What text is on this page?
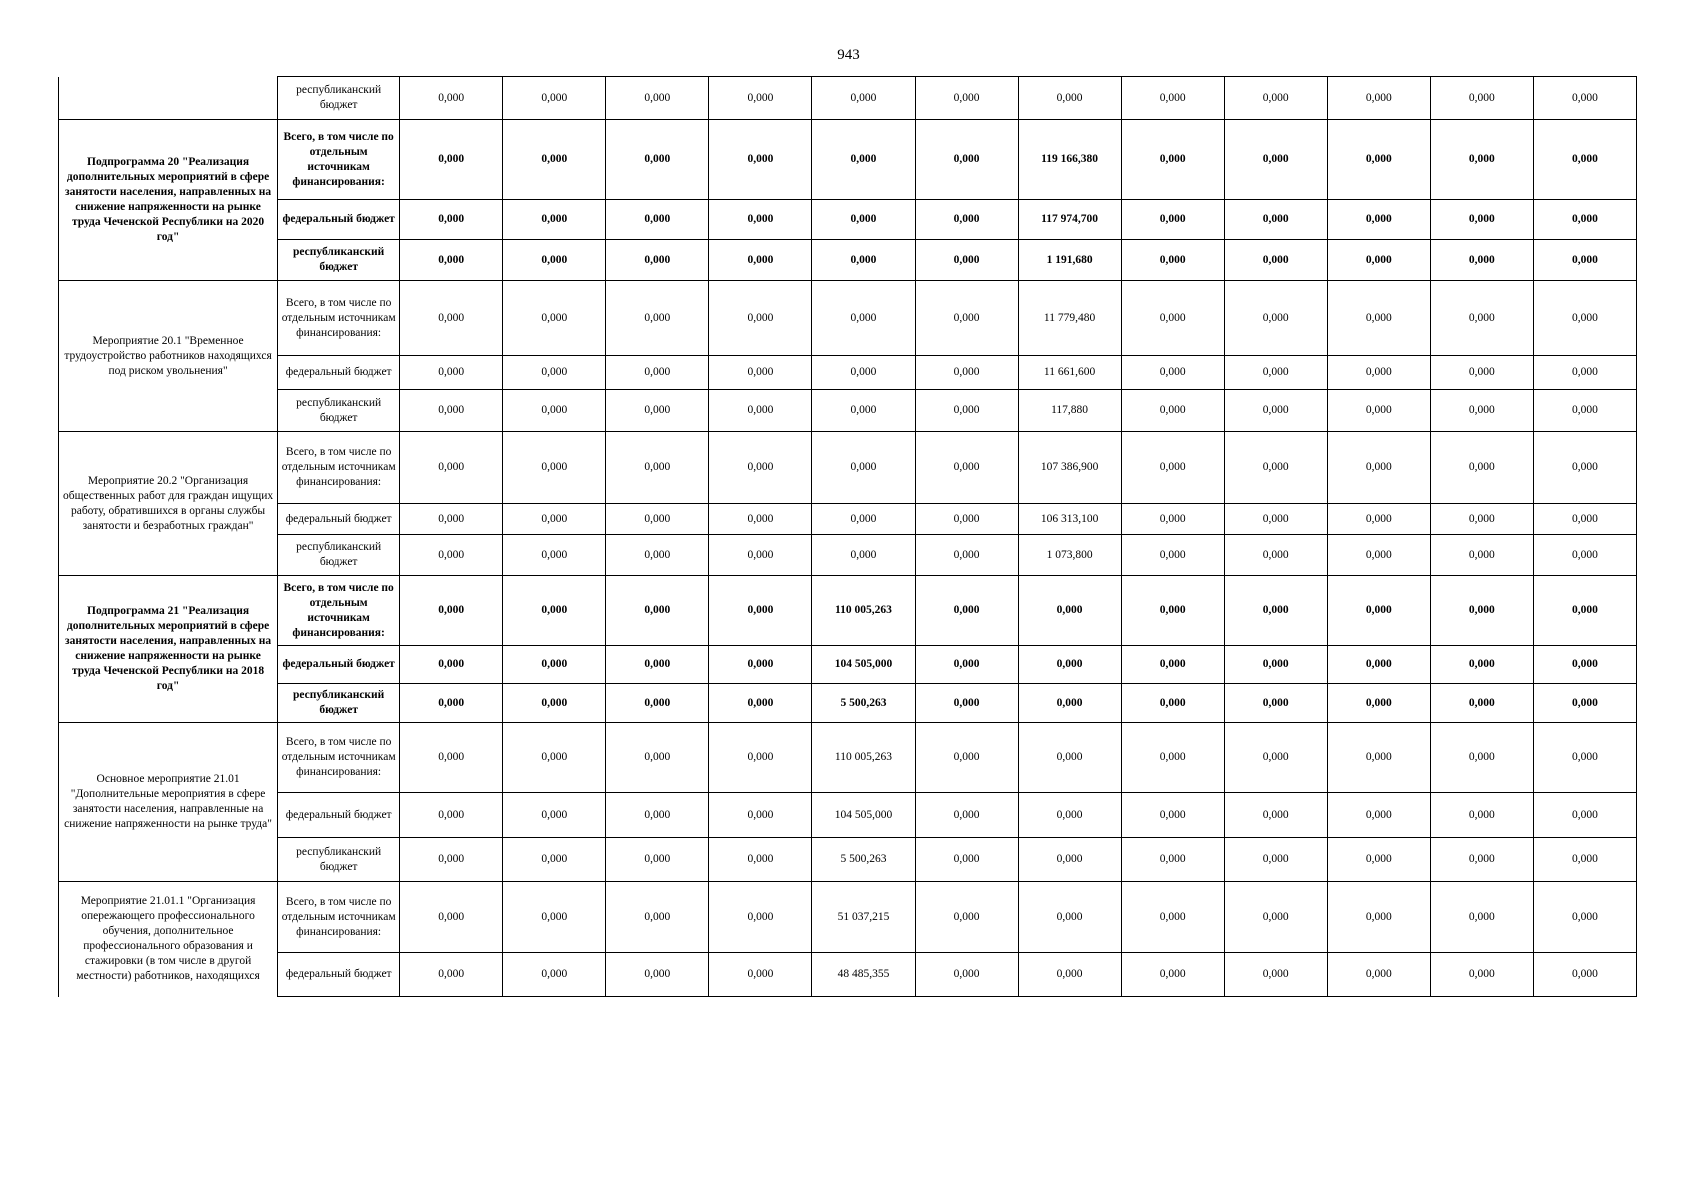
943
	республиканский бюджет	0,000	0,000	0,000	0,000	0,000	0,000	0,000	0,000	0,000	0,000	0,000	0,000
Подпрограмма 20 "Реализация дополнительных мероприятий в сфере занятости населения, направленных на снижение напряженности на рынке труда Чеченской Республики на 2020 год"	Всего, в том числе по отдельным источникам финансирования:	0,000	0,000	0,000	0,000	0,000	0,000	119 166,380	0,000	0,000	0,000	0,000	0,000
	федеральный бюджет	0,000	0,000	0,000	0,000	0,000	0,000	117 974,700	0,000	0,000	0,000	0,000	0,000
	республиканский бюджет	0,000	0,000	0,000	0,000	0,000	0,000	1 191,680	0,000	0,000	0,000	0,000	0,000
Мероприятие 20.1 "Временное трудоустройство работников находящихся под риском увольнения"	Всего, в том числе по отдельным источникам финансирования:	0,000	0,000	0,000	0,000	0,000	0,000	11 779,480	0,000	0,000	0,000	0,000	0,000
	федеральный бюджет	0,000	0,000	0,000	0,000	0,000	0,000	11 661,600	0,000	0,000	0,000	0,000	0,000
	республиканский бюджет	0,000	0,000	0,000	0,000	0,000	0,000	117,880	0,000	0,000	0,000	0,000	0,000
Мероприятие 20.2 "Организация общественных работ для граждан ищущих работу, обратившихся в органы службы занятости и безработных граждан"	Всего, в том числе по отдельным источникам финансирования:	0,000	0,000	0,000	0,000	0,000	0,000	107 386,900	0,000	0,000	0,000	0,000	0,000
	федеральный бюджет	0,000	0,000	0,000	0,000	0,000	0,000	106 313,100	0,000	0,000	0,000	0,000	0,000
	республиканский бюджет	0,000	0,000	0,000	0,000	0,000	0,000	1 073,800	0,000	0,000	0,000	0,000	0,000
Подпрограмма 21 "Реализация дополнительных мероприятий в сфере занятости населения, направленных на снижение напряженности на рынке труда Чеченской Республики на 2018 год"	Всего, в том числе по отдельным источникам финансирования:	0,000	0,000	0,000	0,000	110 005,263	0,000	0,000	0,000	0,000	0,000	0,000	0,000
	федеральный бюджет	0,000	0,000	0,000	0,000	104 505,000	0,000	0,000	0,000	0,000	0,000	0,000	0,000
	республиканский бюджет	0,000	0,000	0,000	0,000	5 500,263	0,000	0,000	0,000	0,000	0,000	0,000	0,000
Основное мероприятие 21.01 "Дополнительные мероприятия в сфере занятости населения, направленные на снижение напряженности на рынке труда"	Всего, в том числе по отдельным источникам финансирования:	0,000	0,000	0,000	0,000	110 005,263	0,000	0,000	0,000	0,000	0,000	0,000	0,000
	федеральный бюджет	0,000	0,000	0,000	0,000	104 505,000	0,000	0,000	0,000	0,000	0,000	0,000	0,000
	республиканский бюджет	0,000	0,000	0,000	0,000	5 500,263	0,000	0,000	0,000	0,000	0,000	0,000	0,000
Мероприятие 21.01.1 "Организация опережающего профессионального обучения, дополнительное профессионального образования и стажировки (в том числе в другой местности) работников, находящихся	Всего, в том числе по отдельным источникам финансирования:	0,000	0,000	0,000	0,000	51 037,215	0,000	0,000	0,000	0,000	0,000	0,000	0,000
	федеральный бюджет	0,000	0,000	0,000	0,000	48 485,355	0,000	0,000	0,000	0,000	0,000	0,000	0,000
